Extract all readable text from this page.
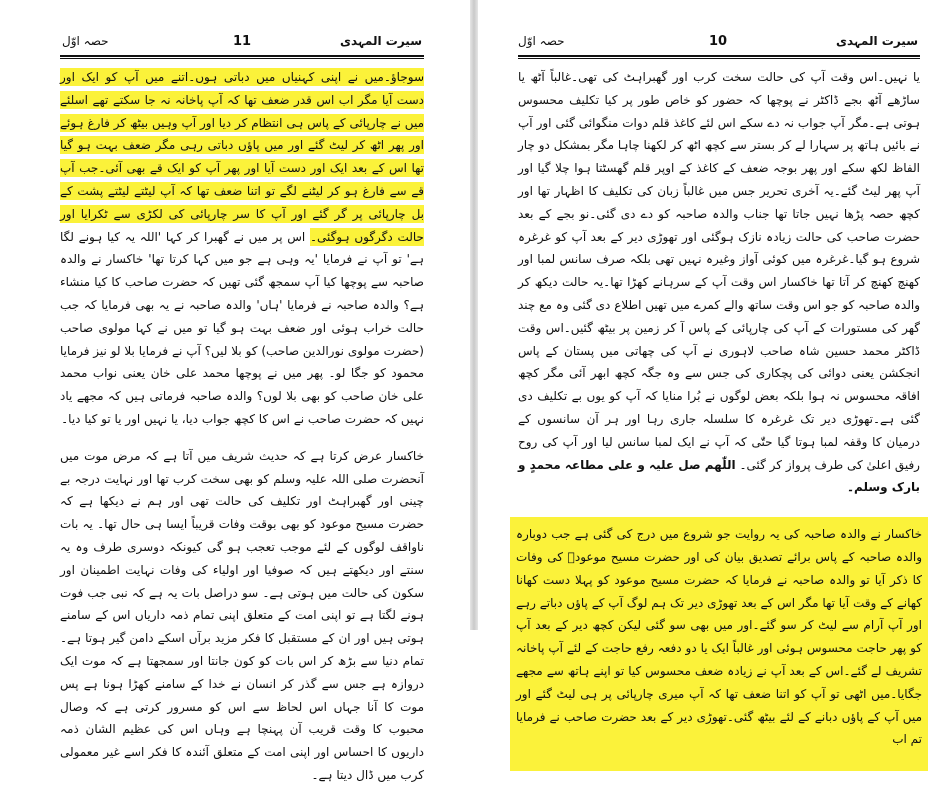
سیرت المہدی
11
حصہ اوّل

سوجاؤ۔میں نے اپنی کہنیاں میں دباتی ہوں۔اتنے میں آپ کو ایک اور دست آیا مگر اب اس قدر ضعف تھا کہ آپ پاخانہ نہ جا سکتے تھے اسلئے میں نے چارپائی کے پاس ہی انتظام کر دیا اور آپ وہیں بیٹھ کر فارغ ہوئے اور پھر اٹھ کر لیٹ گئے اور میں پاؤں دباتی رہی مگر ضعف بہت ہو گیا تھا اس کے بعد ایک اور دست آیا اور پھر آپ کو ایک قے بھی آئی۔جب آپ قے سے فارغ ہو کر لیٹنے لگے تو اتنا ضعف تھا کہ آپ لیٹتے لیٹتے پشت کے بل چارپائی پر گر گئے اور آپ کا سر چارپائی کی لکڑی سے ٹکرایا اور حالت دگرگوں ہوگئی۔ اس پر میں نے گھبرا کر کہا 'اللہ یہ کیا ہونے لگا ہے' تو آپ نے فرمایا 'یہ وہی ہے جو میں کہا کرتا تھا' خاکسار نے والدہ صاحبہ سے پوچھا کیا آپ سمجھ گئی تھیں کہ حضرت صاحب کا کیا منشاء ہے؟ والدہ صاحبہ نے فرمایا 'ہاں' والدہ صاحبہ نے یہ بھی فرمایا کہ جب حالت خراب ہوئی اور ضعف بہت ہو گیا تو میں نے کہا مولوی صاحب (حضرت مولوی نورالدین صاحب) کو بلا لیں؟ آپ نے فرمایا بلا لو نیز فرمایا محمود کو جگا لو۔ پھر میں نے پوچھا محمد علی خان یعنی نواب محمد علی خان صاحب کو بھی بلا لوں؟ والدہ صاحبہ فرماتی ہیں کہ مجھے یاد نہیں کہ حضرت صاحب نے اس کا کچھ جواب دیا، یا نہیں اور یا تو کیا دیا۔

خاکسار عرض کرتا ہے کہ حدیث شریف میں آتا ہے کہ مرض موت میں آنحضرت صلی اللہ علیہ وسلم کو بھی سخت کرب تھا اور نہایت درجہ بے چینی اور گھبراہٹ اور تکلیف کی حالت تھی اور ہم نے دیکھا ہے کہ حضرت مسیح موعود کو بھی بوقت وفات قریباً ایسا ہی حال تھا۔ یہ بات ناواقف لوگوں کے لئے موجب تعجب ہو گی کیونکہ دوسری طرف وہ یہ سنتے اور دیکھتے ہیں کہ صوفیا اور اولیاء کی وفات نہایت اطمینان اور سکون کی حالت میں ہوتی ہے۔ سو دراصل بات یہ ہے کہ نبی جب فوت ہونے لگتا ہے تو اپنی امت کے متعلق اپنی تمام ذمہ داریاں اس کے سامنے ہوتی ہیں اور ان کے مستقبل کا فکر مزید برآں اسکے دامن گیر ہوتا ہے۔ تمام دنیا سے بڑھ کر اس بات کو کون جانتا اور سمجھتا ہے کہ موت ایک دروازہ ہے جس سے گذر کر انسان نے خدا کے سامنے کھڑا ہونا ہے پس موت کا آنا جہاں اس لحاظ سے اس کو مسرور کرتی ہے کہ وصال محبوب کا وقت قریب آن پہنچا ہے وہاں اس کی عظیم الشان ذمہ داریوں کا احساس اور اپنی امت کے متعلق آئندہ کا فکر اسے غیر معمولی کرب میں ڈال دیتا ہے۔

سیرت المہدی
10
حصہ اوّل

یا نہیں۔اس وقت آپ کی حالت سخت کرب اور گھبراہٹ کی تھی۔غالباً آٹھ یا ساڑھے آٹھ بجے ڈاکٹر نے پوچھا کہ حضور کو خاص طور پر کیا تکلیف محسوس ہوتی ہے۔مگر آپ جواب نہ دے سکے اس لئے کاغذ قلم دوات منگوائی گئی اور آپ نے بائیں ہاتھ پر سہارا لے کر بستر سے کچھ اٹھ کر لکھنا چاہا مگر بمشکل دو چار الفاظ لکھ سکے اور پھر بوجہ ضعف کے کاغذ کے اوپر قلم گھسٹتا ہوا چلا گیا اور آپ پھر لیٹ گئے۔یہ آخری تحریر جس میں غالباً زبان کی تکلیف کا اظہار تھا اور کچھ حصہ پڑھا نہیں جاتا تھا جناب والدہ صاحبہ کو دے دی گئی۔نو بجے کے بعد حضرت صاحب کی حالت زیادہ نازک ہوگئی اور تھوڑی دیر کے بعد آپ کو غرغرہ شروع ہو گیا۔غرغرہ میں کوئی آواز وغیرہ نہیں تھی بلکہ صرف سانس لمبا اور کھنچ کھنچ کر آتا تھا خاکسار اس وقت آپ کے سرہانے کھڑا تھا۔یہ حالت دیکھ کر والدہ صاحبہ کو جو اس وقت ساتھ والے کمرے میں تھیں اطلاع دی گئی وہ مع چند گھر کی مستورات کے آپ کی چارپائی کے پاس آ کر زمین پر بیٹھ گئیں۔اس وقت ڈاکٹر محمد حسین شاہ صاحب لاہوری نے آپ کی چھاتی میں پستان کے پاس انجکشن یعنی دوائی کی پچکاری کی جس سے وہ جگہ کچھ ابھر آئی مگر کچھ افاقہ محسوس نہ ہوا بلکہ بعض لوگوں نے بُرا منایا کہ آپ کو یوں بے تکلیف دی گئی ہے۔تھوڑی دیر تک غرغرہ کا سلسلہ جاری رہا اور ہر آن سانسوں کے درمیان کا وقفہ لمبا ہوتا گیا حتّٰی کہ آپ نے ایک لمبا سانس لیا اور آپ کی روح رفیق اعلیٰ کی طرف پرواز کر گئی۔ اللّٰھم صل علیہ و علی مطاعہ محمدٍ و بارک وسلم۔

خاکسار نے والدہ صاحبہ کی یہ روایت جو شروع میں درج کی گئی ہے جب دوبارہ والدہ صاحبہ کے پاس برائے تصدیق بیان کی اور حضرت مسیح موعودؑ کی وفات کا ذکر آیا تو والدہ صاحبہ نے فرمایا کہ حضرت مسیح موعود کو پہلا دست کھانا کھانے کے وقت آیا تھا مگر اس کے بعد تھوڑی دیر تک ہم لوگ آپ کے پاؤں دباتے رہے اور آپ آرام سے لیٹ کر سو گئے۔اور میں بھی سو گئی لیکن کچھ دیر کے بعد آپ کو پھر حاجت محسوس ہوئی اور غالباً ایک یا دو دفعہ رفع حاجت کے لئے آپ پاخانہ تشریف لے گئے۔اس کے بعد آپ نے زیادہ ضعف محسوس کیا تو اپنے ہاتھ سے مجھے جگایا۔میں اٹھی تو آپ کو اتنا ضعف تھا کہ آپ میری چارپائی پر ہی لیٹ گئے اور میں آپ کے پاؤں دبانے کے لئے بیٹھ گئی۔تھوڑی دیر کے بعد حضرت صاحب نے فرمایا تم اب
